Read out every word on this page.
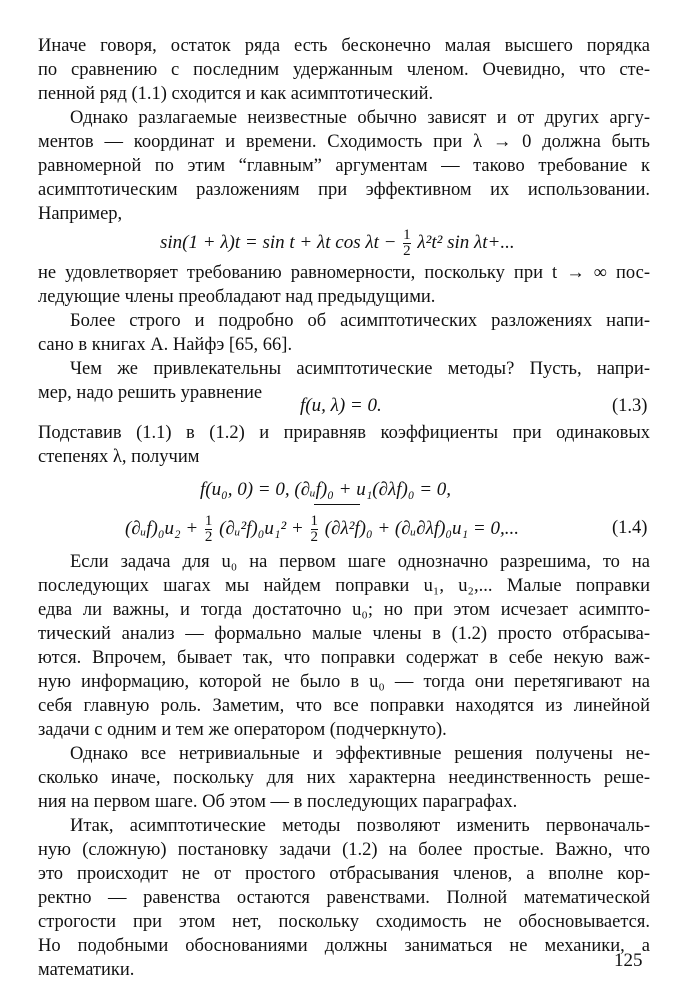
Иначе говоря, остаток ряда есть бесконечно малая высшего порядка
по сравнению с последним удержанным членом. Очевидно, что сте-
пенной ряд (1.1) сходится и как асимптотический.
Однако разлагаемые неизвестные обычно зависят и от других аргу-
ментов — координат и времени. Сходимость при λ → 0 должна быть
равномерной по этим “главным” аргументам — таково требование к
асимптотическим разложениям при эффективном их использовании.
Например,
sin(1 + λ)t = sin t + λt $\cos \lambda t - \frac{1}{2} \lambda^2t^2$ sin λt+...
не удовлетворяет требованию равномерности, поскольку при t → ∞ пос-
ледующие члены преобладают над предыдущими.
Более строго и подробно об асимптотических разложениях напи-
сано в книгах А. Найфэ [65, 66].
Чем же привлекательны асимптотические методы? Пусть, напри-
мер, надо решить уравнение
f(u, λ) = 0.	(1.3)
Подставив (1.1) в (1.2) и приравняв коэффициенты при одинаковых
степенях λ, получим
f(u₀, 0) = 0, (∂ᵤf)₀ + u₁(∂λf)₀ = 0,
(∂ᵤf)₀u₂ + $\frac{1}{2}$ (∂ᵤ²f)₀u₁² + $\frac{1}{2} (\partial\lambda^2f)_0$ + (∂ᵤ∂λf)₀u₁ = 0,...	(1.4)
Если задача для u₀ на первом шаге однозначно разрешима, то на
последующих шагах мы найдем поправки u₁, u₂,... Малые поправки
едва ли важны, и тогда достаточно u₀; но при этом исчезает асимпто-
тический анализ — формально малые члены в (1.2) просто отбрасыва-
ются. Впрочем, бывает так, что поправки содержат в себе некую важ-
ную информацию, которой не было в u₀ — тогда они перетягивают на
себя главную роль. Заметим, что все поправки находятся из линейной
задачи с одним и тем же оператором (подчеркнуто).
Однако все нетривиальные и эффективные решения получены не-
сколько иначе, поскольку для них характерна неединственность реше-
ния на первом шаге. Об этом — в последующих параграфах.
Итак, асимптотические методы позволяют изменить первоначаль-
ную (сложную) постановку задачи (1.2) на более простые. Важно, что
это происходит не от простого отбрасывания членов, а вполне кор-
ректно — равенства остаются равенствами. Полной математической
строгости при этом нет, поскольку сходимость не обосновывается.
Но подобными обоснованиями должны заниматься не механики, а
математики.	125
